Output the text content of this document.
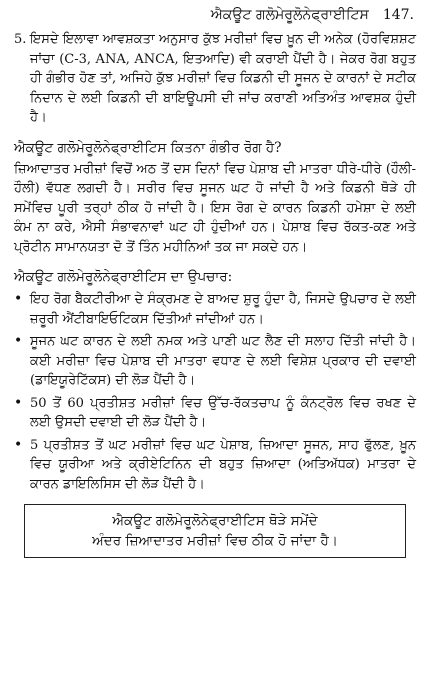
ਐਕਊਟ ਗਲੋਮੇਰੂਲੋਨੇਫ੍ਰਾਈਟਿਸ 147.
5. ਇਸਦੇ ਇਲਾਵਾ ਆਵਸ਼ਕਤਾ ਅਨੁਸਾਰ ਕੁੱਝ ਮਰੀਜ਼ਾਂ ਵਿਚ ਖ਼ੂਨ ਦੀ ਅਨੇਕ (ਹੋਰਵਿਸ਼ਸ਼ਟ ਜਾਂਚਾ (C-3, ANA, ANCA, ਇਤਆਦਿ) ਵੀ ਕਰਾਈ ਪੈਂਦੀ ਹੈ। ਜੇਕਰ ਰੋਗ ਬਹੁਤ ਹੀ ਗੰਭੀਰ ਹੋਣ ਤਾਂ, ਅਜਿਹੇ ਕੁੱਝ ਮਰੀਜ਼ਾਂ ਵਿਚ ਕਿਡਨੀ ਦੀ ਸੂਜਨ ਦੇ ਕਾਰਨਾਂ ਦੇ ਸਟੀਕ ਨਿਦਾਨ ਦੇ ਲਈ ਕਿਡਨੀ ਦੀ ਬਾਇਊਪਸੀ ਦੀ ਜਾਂਚ ਕਰਾਣੀ ਅਤਿਅੰਤ ਆਵਸ਼ਕ ਹੁੰਦੀ ਹੈ।

ਐਕਊਟ ਗਲੋਮੇਰੂਲੋਨੇਫ੍ਰਾਈਟਿਸ ਕਿਤਨਾ ਗੰਭੀਰ ਰੋਗ ਹੈ?

ਜ਼ਿਆਦਾਤਰ ਮਰੀਜ਼ਾਂ ਵਿਚੋਂ ਅਠ ਤੋਂ ਦਸ ਦਿਨਾਂ ਵਿਚ ਪੇਸ਼ਾਬ ਦੀ ਮਾਤਰਾ ਧੀਰੇ-ਧੀਰੇ (ਹੌਲੀ-ਹੌਲੀ) ਵੱਧਣ ਲਗਦੀ ਹੈ। ਸਰੀਰ ਵਿਚ ਸੂਜਨ ਘਟ ਹੋ ਜਾਂਦੀ ਹੈ ਅਤੇ ਕਿਡਨੀ ਥੋੜੇ ਹੀ ਸਮੇਂਵਿਚ ਪੂਰੀ ਤਰ੍ਹਾਂ ਠੀਕ ਹੋ ਜਾਂਦੀ ਹੈ। ਇਸ ਰੋਗ ਦੇ ਕਾਰਨ ਕਿਡਨੀ ਹਮੇਸ਼ਾ ਦੇ ਲਈ ਕੰਮ ਨਾ ਕਰੇ, ਐਸੀ ਸੰਭਾਵਨਾਵਾਂ ਘਟ ਹੀ ਹੁੰਦੀਆਂ ਹਨ। ਪੇਸ਼ਾਬ ਵਿਚ ਰੱਕਤ-ਕਣ ਅਤੇ ਪ੍ਰੋਟੀਨ ਸਾਮਾਨਯਤਾ ਦੋ ਤੋਂ ਤਿੰਨ ਮਹੀਨਿਆਂ ਤਕ ਜਾ ਸਕਦੇ ਹਨ।

ਐਕਊਟ ਗਲੋਮੇਰੂਲੋਨੇਫ੍ਰਾਈਟਿਸ ਦਾ ਉਪਚਾਰ:
• ਇਹ ਰੋਗ ਬੈਕਟੀਰੀਆ ਦੇ ਸੰਕ੍ਰਮਣ ਦੇ ਬਾਅਦ ਸ਼ੁਰੂ ਹੁੰਦਾ ਹੈ, ਜਿਸਦੇ ਉਪਚਾਰ ਦੇ ਲਈ ਜ਼ਰੂਰੀ ਐਂਟੀਬਾਇਓਟਿਕਸ ਦਿੱਤੀਆਂ ਜਾਂਦੀਆਂ ਹਨ।

• ਸੂਜਨ ਘਟ ਕਾਰਨ ਦੇ ਲਈ ਨਮਕ ਅਤੇ ਪਾਣੀ ਘਟ ਲੈਣ ਦੀ ਸਲਾਹ ਦਿੱਤੀ ਜਾਂਦੀ ਹੈ।ਕਈ ਮਰੀਜ਼ਾ ਵਿਚ ਪੇਸ਼ਾਬ ਦੀ ਮਾਤਰਾ ਵਧਾਣ ਦੇ ਲਈ ਵਿਸ਼ੇਸ਼ ਪ੍ਰਕਾਰ ਦੀ ਦਵਾਈ (ਡਾਇਯੂਰੇਟਿੱਕਸ) ਦੀ ਲੋੜ ਪੈਂਦੀ ਹੈ।

• 50 ਤੋਂ 60 ਪ੍ਰਤੀਸ਼ਤ ਮਰੀਜ਼ਾਂ ਵਿਚ ਉੱਚ-ਰੱਕਤਚਾਪ ਨੂੰ ਕੰਨਟ੍ਰੋਲ ਵਿਚ ਰਖਣ ਦੇ ਲਈ ਉਸਦੀ ਦਵਾਈ ਦੀ ਲੋੜ ਪੈਂਦੀ ਹੈ।

• 5 ਪ੍ਰਤੀਸ਼ਤ ਤੋਂ ਘਟ ਮਰੀਜ਼ਾਂ ਵਿਚ ਘਟ ਪੇਸ਼ਾਬ, ਜ਼ਿਆਦਾ ਸੂਜਨ, ਸਾਹ ਫੁੱਲਣ, ਖ਼ੂਨ ਵਿਚ ਯੂਰੀਆ ਅਤੇ ਕ੍ਰੀਏਟਿਨਿਨ ਦੀ ਬਹੁਤ ਜ਼ਿਆਦਾ (ਅਤਿਅੱਧਕ) ਮਾਤਰਾ ਦੇ ਕਾਰਨ ਡਾਇਲਿਸਿਸ ਦੀ ਲੋੜ ਪੈਂਦੀ ਹੈ।

ਐਕਊਟ ਗਲੋਮੇਰੂਲੋਨੇਫ੍ਰਾਈਟਿਸ ਥੋੜੇ ਸਮੇਂਦੇ
ਅੰਦਰ ਜ਼ਿਆਦਾਤਰ ਮਰੀਜ਼ਾਂ ਵਿਚ ਠੀਕ ਹੋ ਜਾਂਦਾ ਹੈ।
